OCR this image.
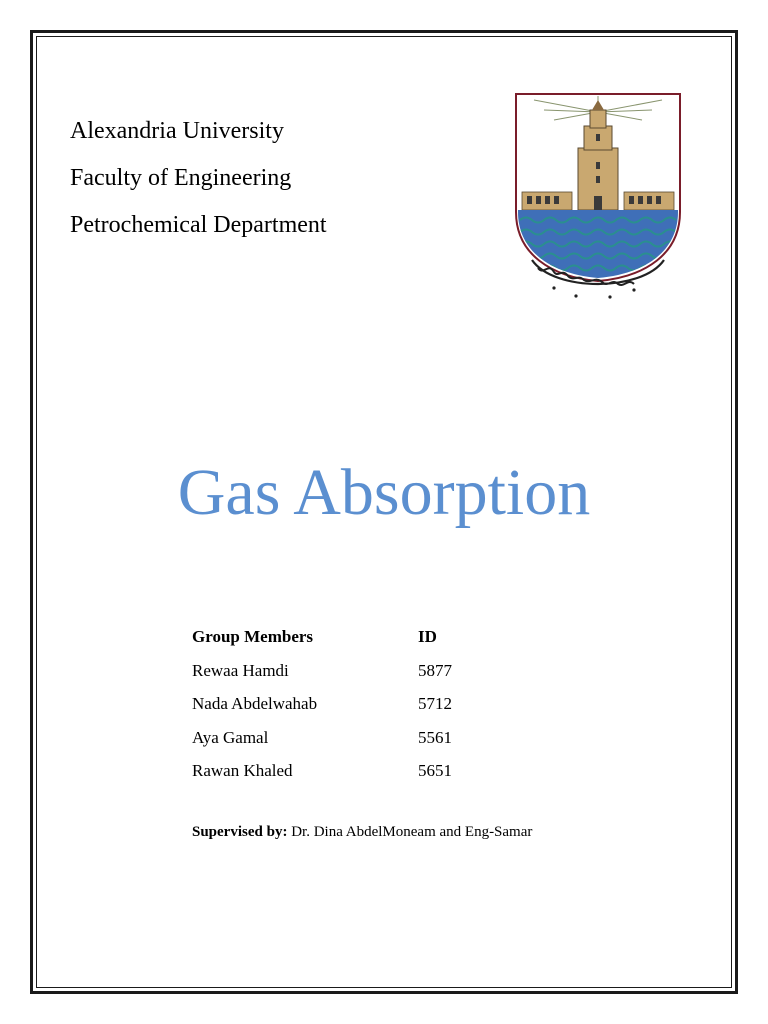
Alexandria University
Faculty of Engineering
Petrochemical Department
Gas Absorption
Group Members	ID
Rewaa Hamdi	5877
Nada Abdelwahab	5712
Aya Gamal	5561
Rawan Khaled	5651
Supervised by: Dr. Dina AbdelMoneam and Eng-Samar
